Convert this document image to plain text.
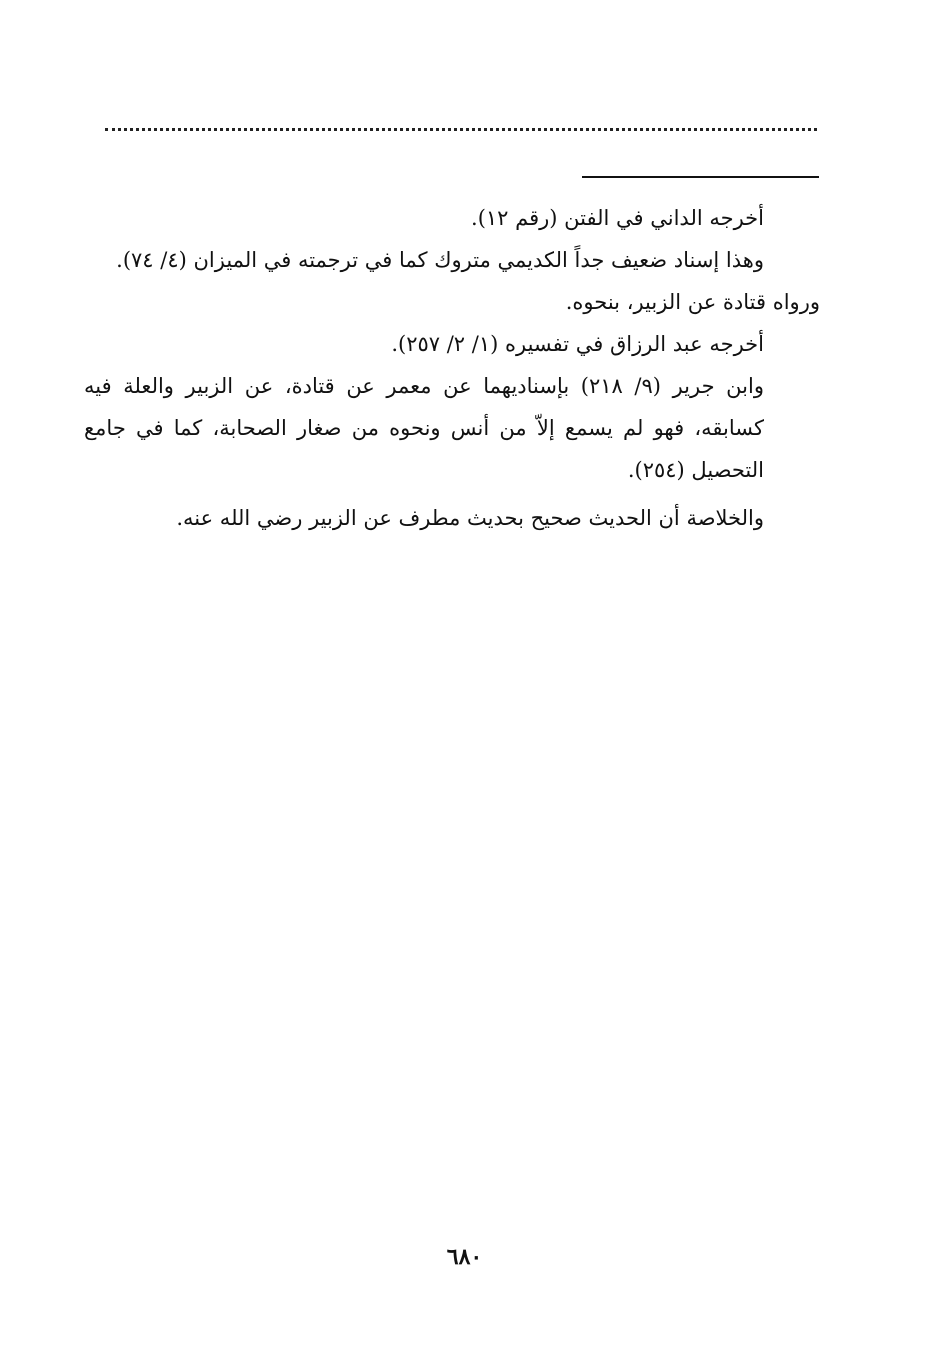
أخرجه الداني في الفتن (رقم ١٢).

وهذا إسناد ضعيف جداً الكديمي متروك كما في ترجمته في الميزان (٤/ ٧٤).

ورواه قتادة عن الزبير، بنحوه.

أخرجه عبد الرزاق في تفسيره (١/ ٢/ ٢٥٧).

وابن جرير (٩/ ٢١٨) بإسناديهما عن معمر عن قتادة، عن الزبير والعلة فيه كسابقه، فهو لم يسمع إلاّ من أنس ونحوه من صغار الصحابة، كما في جامع التحصيل (٢٥٤).

والخلاصة أن الحديث صحيح بحديث مطرف عن الزبير رضي الله عنه.

٦٨٠
